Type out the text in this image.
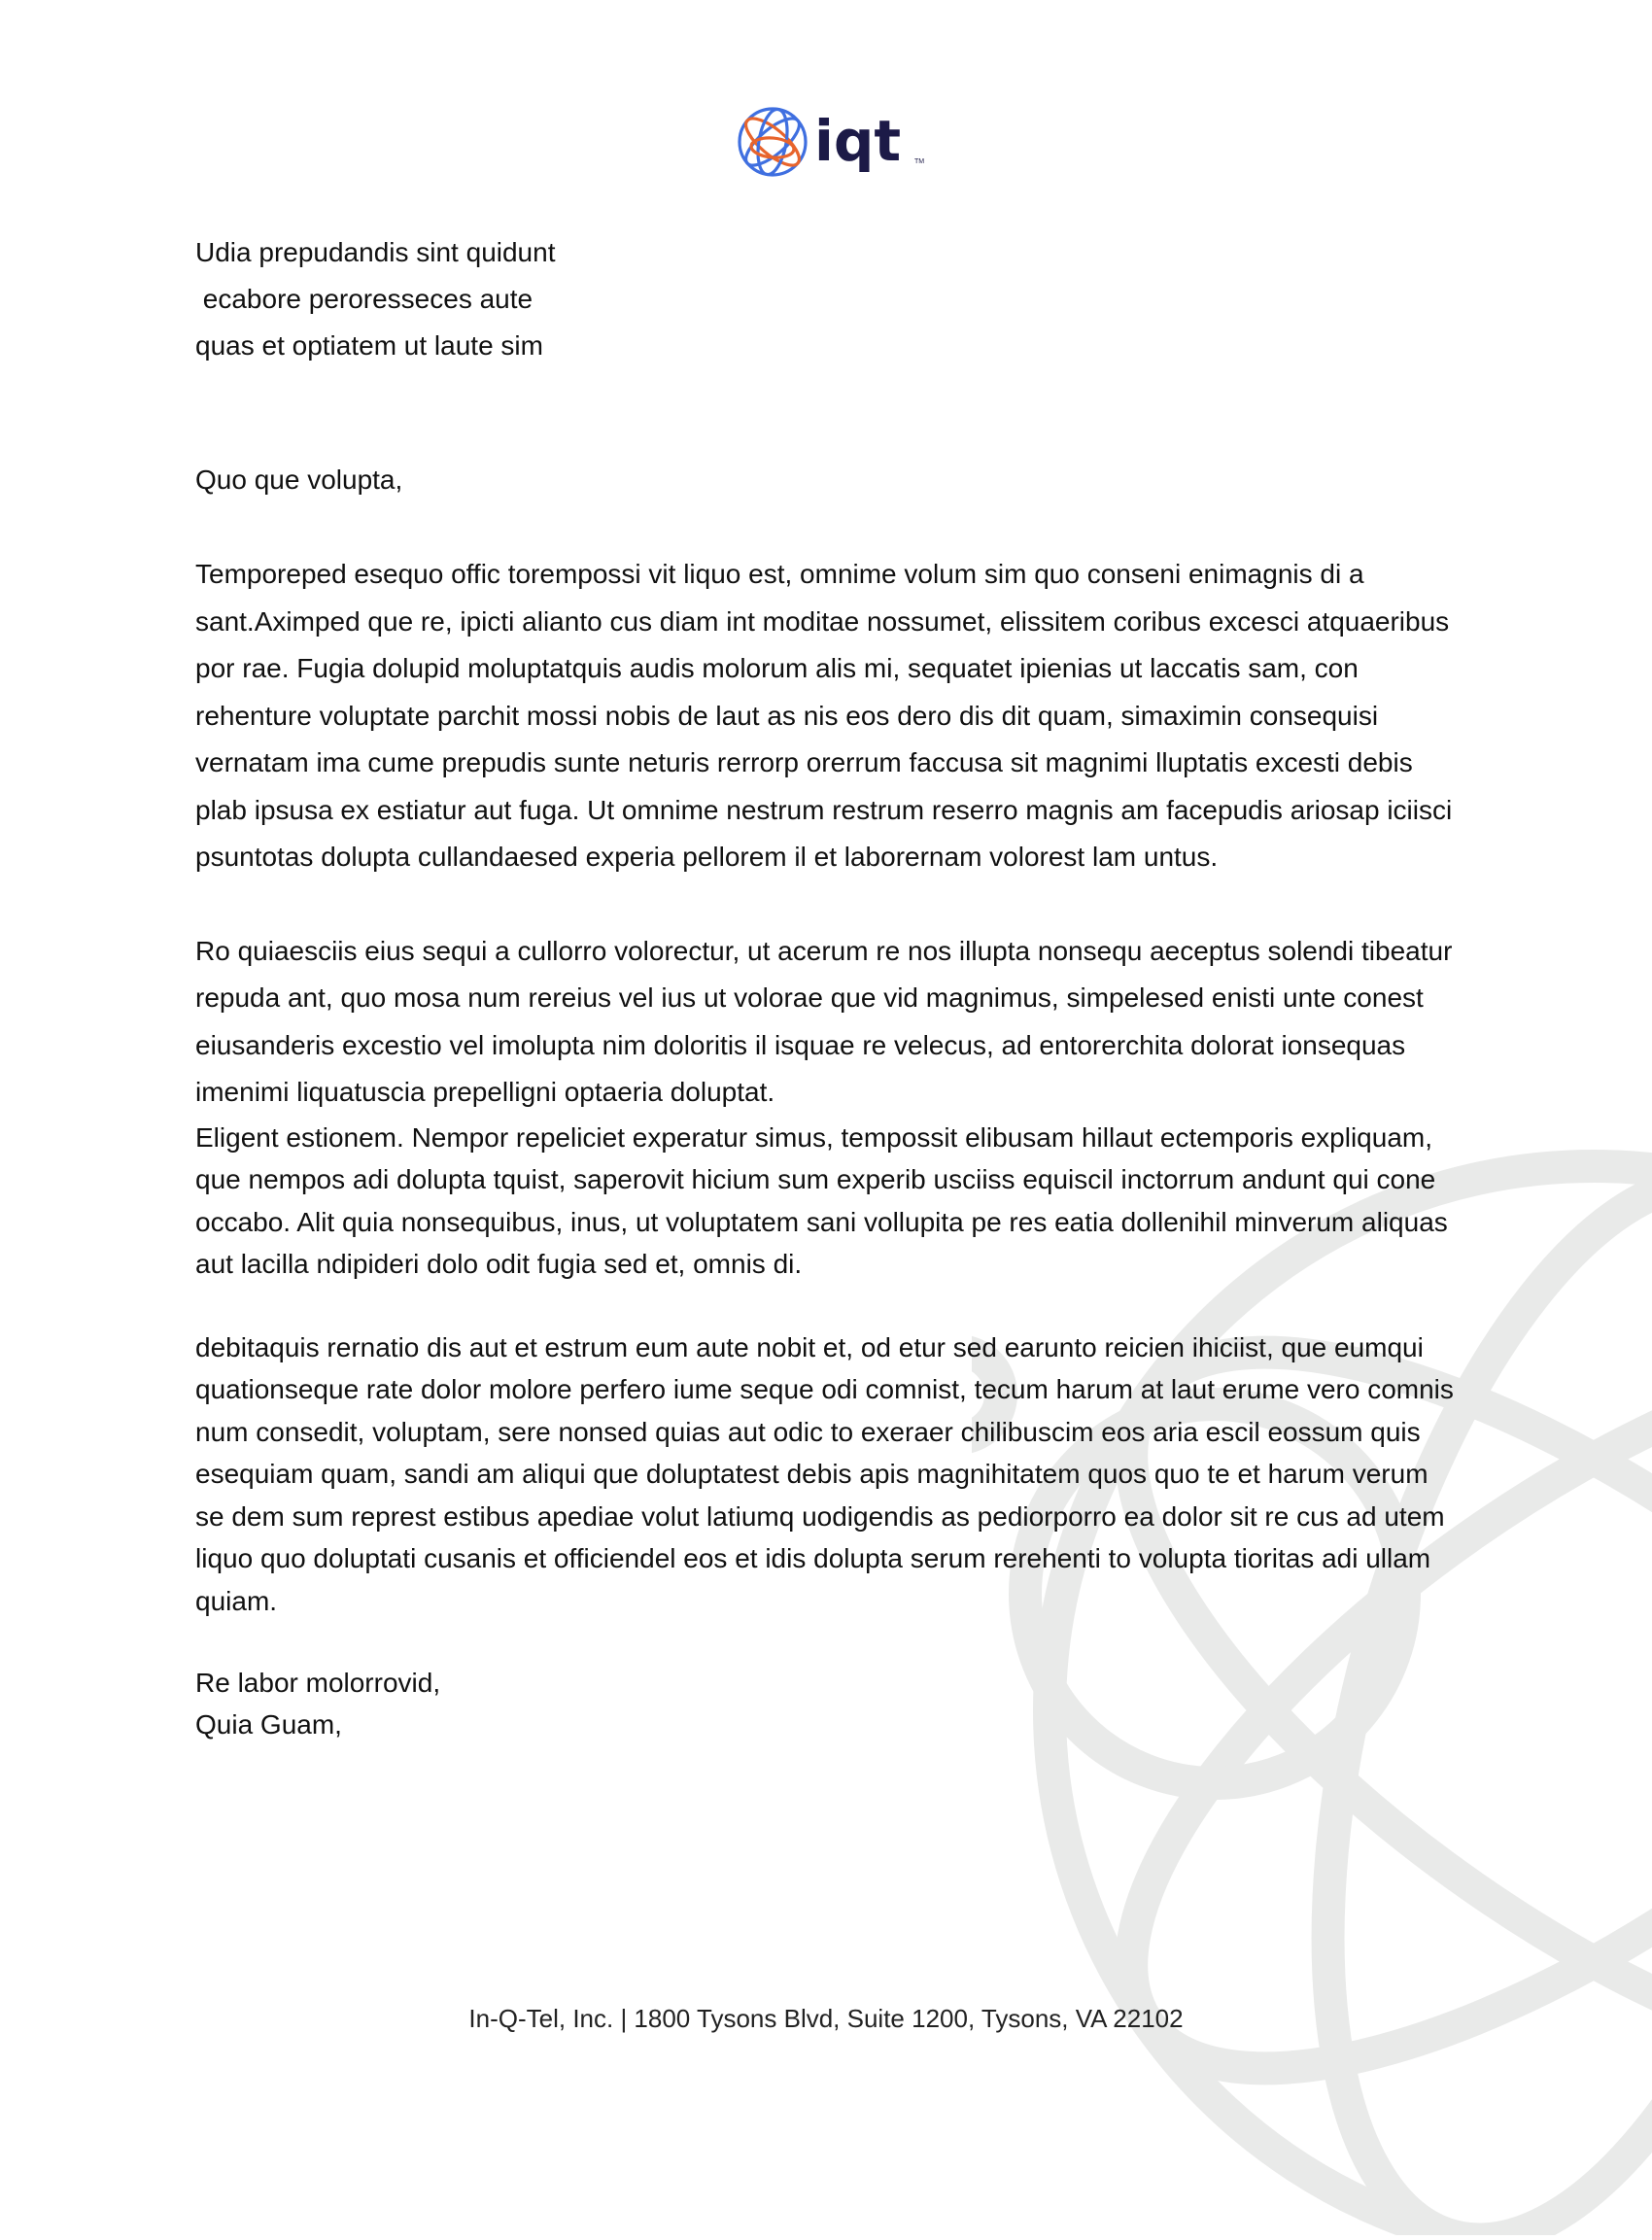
iqt TM

Udia prepudandis sint quidunt

ecabore peroresseces aute

quas et optiatem ut laute sim

Quo que volupta,

Temporeped esequo offic torempossi vit liquo est, omnime volum sim quo conseni enimagnis di a sant.Aximped que re, ipicti alianto cus diam int moditae nossumet, elissitem coribus excesci atquaeribus por rae. Fugia dolupid moluptatquis audis molorum alis mi, sequatet ipienias ut laccatis sam, con rehenture voluptate parchit mossi nobis de laut as nis eos dero dis dit quam, simaximin consequisi vernatam ima cume prepudis sunte neturis rerrorp orerrum faccusa sit magnimi lluptatis excesti debis plab ipsusa ex estiatur aut fuga. Ut omnime nestrum restrum reserro magnis am facepudis ariosap iciisci psuntotas dolupta cullandaesed experia pellorem il et laborernam volorest lam untus.

Ro quiaesciis eius sequi a cullorro volorectur, ut acerum re nos illupta nonsequ aeceptus solendi tibeatur repuda ant, quo mosa num rereius vel ius ut volorae que vid magnimus, simpelesed enisti unte conest eiusanderis excestio vel imolupta nim doloritis il isquae re velecus, ad entorerchita dolorat ionsequas imenimi liquatuscia prepelligni optaeria doluptat.

Eligent estionem. Nempor repeliciet experatur simus, tempossit elibusam hillaut ectemporis expliquam, que nempos adi dolupta tquist, saperovit hicium sum experib usciiss equiscil inctorrum andunt qui cone occabo. Alit quia nonsequibus, inus, ut voluptatem sani vollupita pe res eatia dollenihil minverum aliquas aut lacilla ndipideri dolo odit fugia sed et, omnis di.

debitaquis rernatio dis aut et estrum eum aute nobit et, od etur sed earunto reicien ihiciist, que eumqui quationseque rate dolor molore perfero iume seque odi comnist, tecum harum at laut erume vero comnis num consedit, voluptam, sere nonsed quias aut odic to exeraer chilibuscim eos aria escil eossum quis esequiam quam, sandi am aliqui que doluptatest debis apis magnihitatem quos quo te et harum verum se dem sum represt estibus apediae volut latiumq uodigendis as pediorporro ea dolor sit re cus ad utem liquo quo doluptati cusanis et officiendel eos et idis dolupta serum rerehenti to volupta tioritas adi ullam quiam.

Re labor molorrovid,

Quia Guam,

In-Q-Tel, Inc. | 1800 Tysons Blvd, Suite 1200, Tysons, VA 22102
